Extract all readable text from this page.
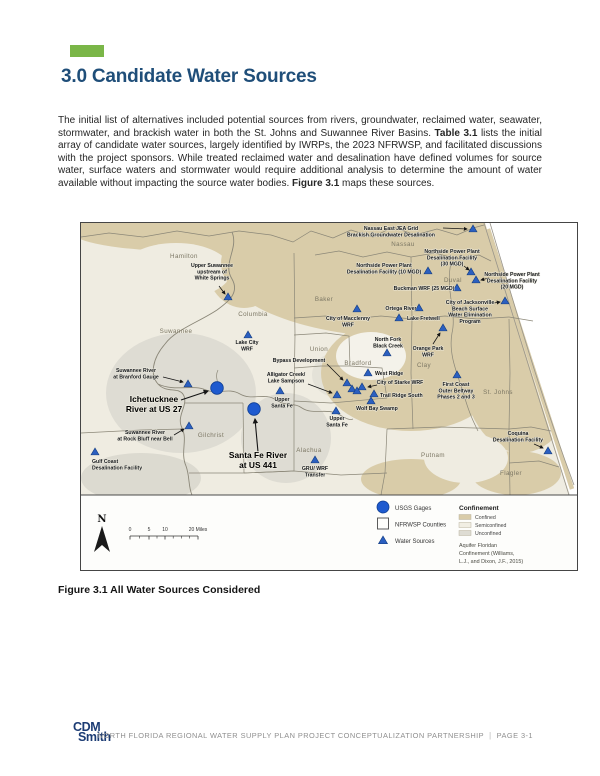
3.0 Candidate Water Sources

The initial list of alternatives included potential sources from rivers, groundwater, reclaimed water, seawater, stormwater, and brackish water in both the St. Johns and Suwannee River Basins. Table 3.1 lists the initial array of candidate water sources, largely identified by IWRPs, the 2023 NFRWSP, and facilitated discussions with the project sponsors. While treated reclaimed water and desalination have defined volumes for source water, surface waters and stormwater would require additional analysis to determine the amount of water available without impacting the source water bodies. Figure 3.1 maps these sources.

Hamilton
Suwannee
Columbia
Baker
Nassau
Duval
Union
Bradford	Clay
St. Johns
Gilchrist
Alachua
Putnam
Flagler
Upper Suwannee upstream of White Springs
Nassau East JEA Grid Brackish Groundwater Desalination
Northside Power Plant Desalination Facility (30 MGD)
Northside Power Plant Desalination Facility (10 MGD)	Northside Power Plant Desalination Facility (20 MGD)
Buckman WRF (25 MGD)
City of Jacksonville Beach Surface Water Elimination Program
Ortega River
Lake Fretwell
City of Macclenny WRF
Lake City WRF
North Fork Black Creek Orange Park WRF
Bypass Development
Alligator Creek/ Lake Sampson
West Ridge
City of Starke WRF
Trail Ridge South
Wolf Bay Swamp
Upper Santa Fe
Upper Santa Fe
First Coast Outer Beltway Phases 2 and 3
Suwannee River at Branford Gauge
Suwannee River at Rock Bluff near Bell
Gulf Coast Desalination Facility	GRU/ WRF Transfer
Coquina Desalination Facility
Ichetucknee River at US 27
Santa Fe River at US 441
USGS Gages
NFRWSP Counties
Water Sources
Confinement
Confined
Semiconfined
Unconfined
Aquifer Floridan Confinement (Williams, L.J., and Dixon, J.F., 2015)
0	5 10	20 Miles
N
Figure 3.1 All Water Sources Considered
CDM
Smith
NORTH FLORIDA REGIONAL WATER SUPPLY PLAN PROJECT CONCEPTUALIZATION PARTNERSHIP | PAGE 3-1
